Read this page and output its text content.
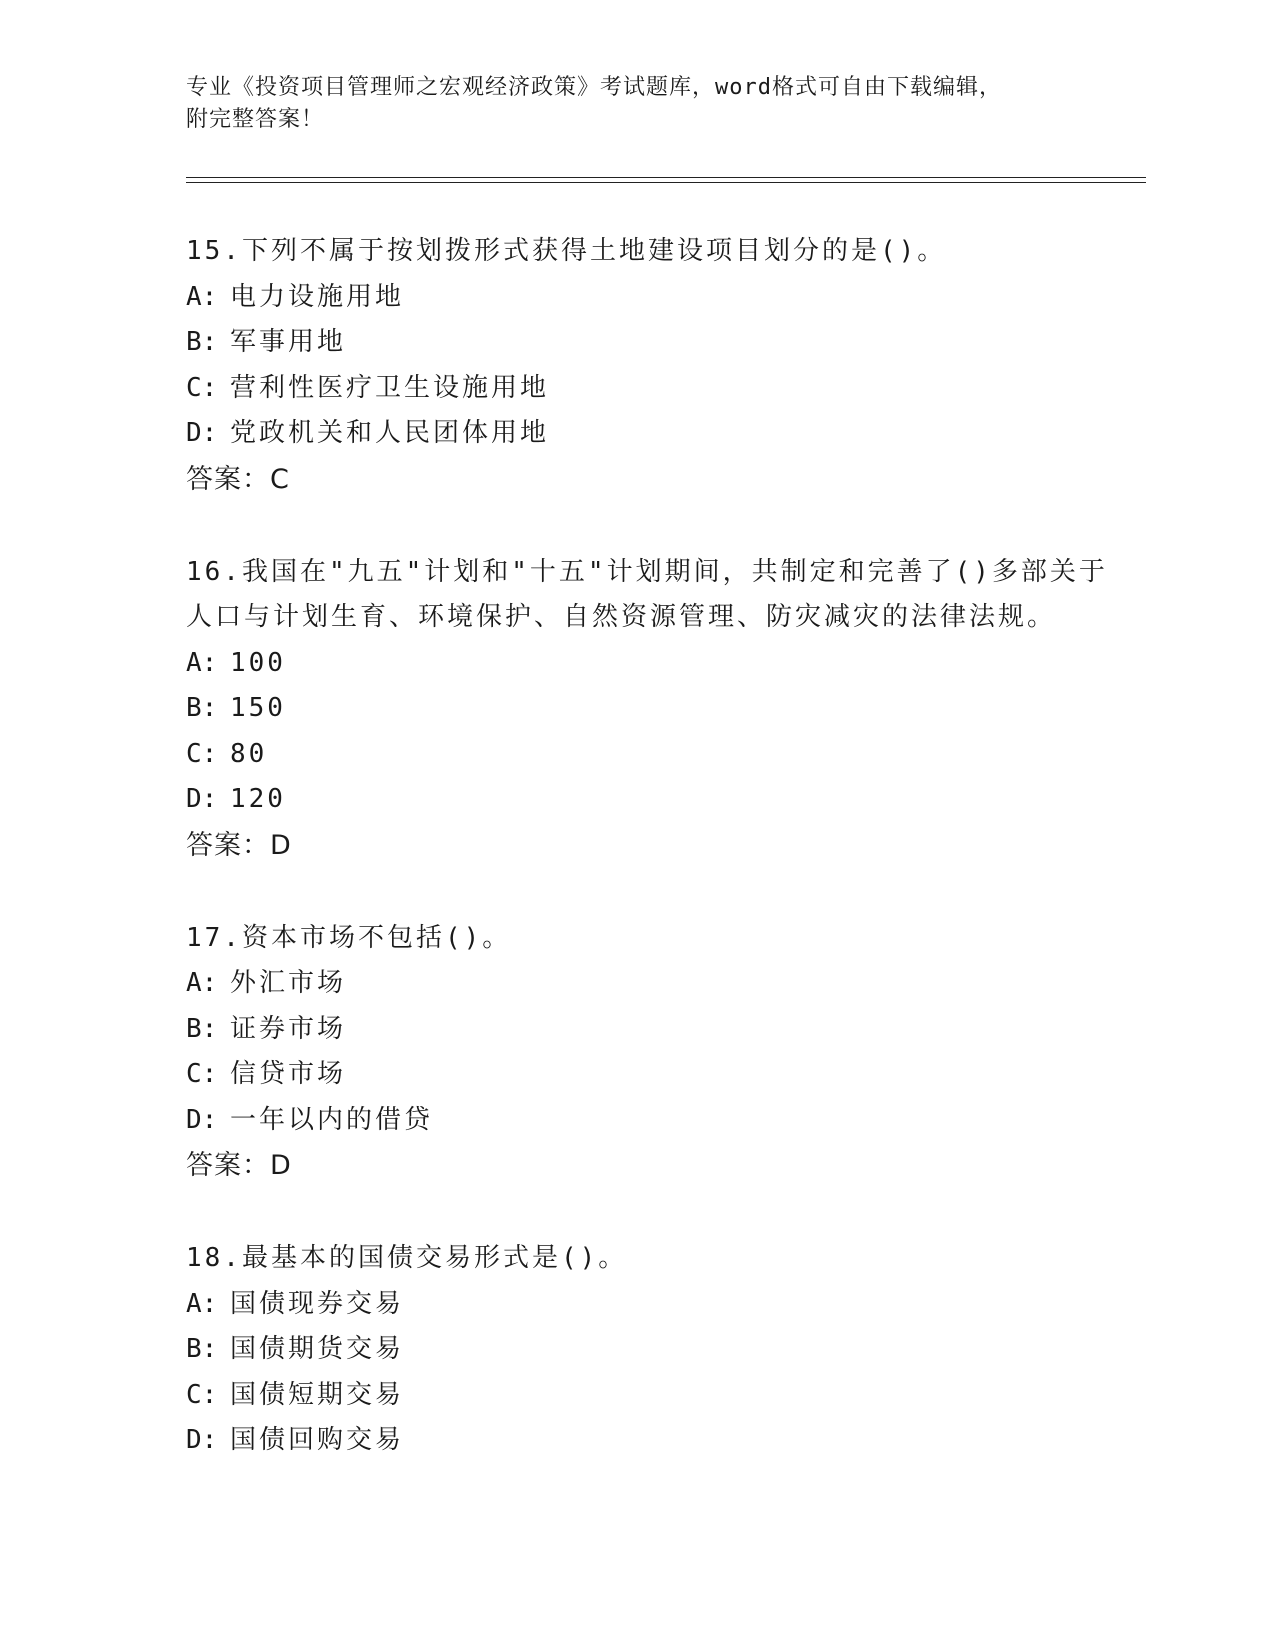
专业《投资项目管理师之宏观经济政策》考试题库，word格式可自由下载编辑，
附完整答案！
15.下列不属于按划拨形式获得土地建设项目划分的是()。
A: 电力设施用地
B: 军事用地
C: 营利性医疗卫生设施用地
D: 党政机关和人民团体用地
答案：C
16.我国在"九五"计划和"十五"计划期间，共制定和完善了()多部关于
人口与计划生育、环境保护、自然资源管理、防灾减灾的法律法规。
A: 100
B: 150
C: 80
D: 120
答案：D
17.资本市场不包括()。
A: 外汇市场
B: 证券市场
C: 信贷市场
D: 一年以内的借贷
答案：D
18.最基本的国债交易形式是()。
A: 国债现券交易
B: 国债期货交易
C: 国债短期交易
D: 国债回购交易
